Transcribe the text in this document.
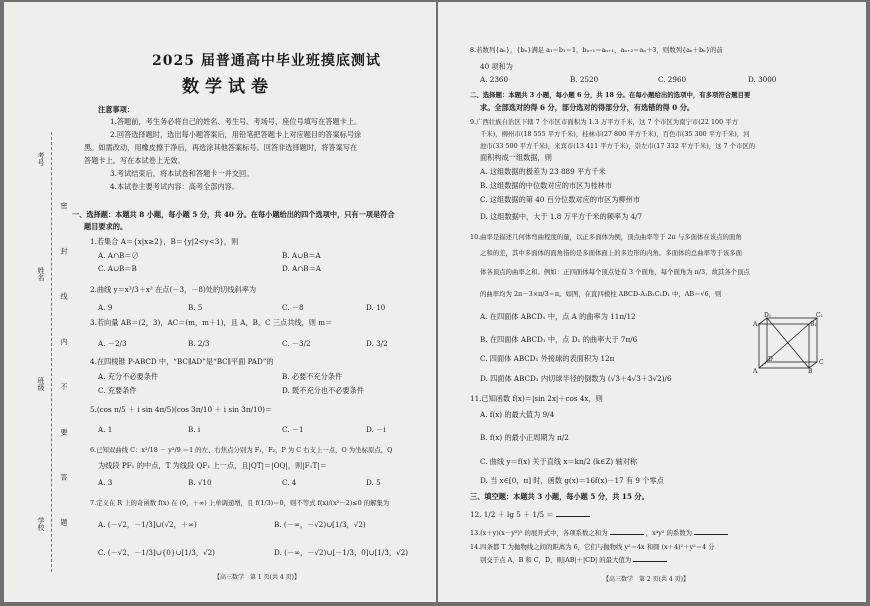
考号
姓名
班级
学校 密 封 线 内 不 要 答 题
2025 届普通高中毕业班摸底测试
数学试卷
注意事项：
1.答题前，考生务必将自己的姓名、考生号、考场号、座位号填写在答题卡上。
2.回答选择题时，选出每小题答案后，用铅笔把答题卡上对应题目的答案标号涂
黑。如需改动，用橡皮擦干净后，再选涂其他答案标号。回答非选择题时，将答案写在
答题卡上。写在本试卷上无效。
3.考试结束后，将本试卷和答题卡一并交回。
4.本试卷主要考试内容：高考全部内容。
一、选择题：本题共 8 小题，每小题 5 分，共 40 分。在每小题给出的四个选项中，只有一项是符合
题目要求的。
1.若集合 A＝{x|x≥2}，B＝{y|2<y<3}，则
A. A∩B＝∅	B. A∪B＝A
C. A∪B＝B	D. A∩B＝A
2.曲线 y＝x³/3＋x² 在点(－3，－8)处的切线斜率为
A. 9	B. 5	C. －8	D. 10
3.若向量 AB＝(2，3)，AC＝(m，m＋1)，且 A，B，C 三点共线，则 m＝
A. －2/3	B. 2/3	C. －3/2	D. 3/2
4.在四棱锥 P-ABCD 中，“BC∥AD”是“BC∥平面 PAD”的
A. 充分不必要条件	B. 必要不充分条件
C. 充要条件	D. 既不充分也不必要条件
5.(cos π/5 ＋ i sin 4π/5)(cos 3π/10 ＋ i sin 3π/10)＝
A. 1	B. i	C. －1	D. －i
6.已知双曲线 C：x²/18 － y²/9 ＝1 的左、右焦点分别为 F₁，F₂，P 为 C 右支上一点，O 为坐标原点，Q
为线段 PF₁ 的中点，T 为线段 QF₁ 上一点，且|QT|＝|OQ|，则|F₁T|＝
A. 3	B. √10	C. 4	D. 5
7.定义在 R 上的奇函数 f(x) 在 (0，＋∞) 上单调递增，且 f(1/3)＝0，则不等式 f(x)/(x²－2)≤0 的解集为
A. (－√2，－1/3]∪(√2，＋∞)	B. (－∞，－√2)∪[1/3，√2)
C. (－√2，－1/3]∪{0}∪[1/3，√2)	D. (－∞，－√2)∪[－1/3，0]∪[1/3，√2)
【高三数学　第 1 页(共 4 页)】
8.若数列{aₙ}，{bₙ}满足 a₁＝b₁＝1，bₙ₊₁＝aₙ₊₁，aₙ₊₂＝aₙ＋3，则数列{aₙ＋bₙ}的前
40 项和为
A. 2360	B. 2520	C. 2960	D. 3000
二、选择题：本题共 3 小题，每小题 6 分，共 18 分。在每小题给出的选项中，有多项符合题目要
求。全部选对的得 6 分，部分选对的得部分分，有选错的得 0 分。
9.广西壮族自治区下辖 7 个市区市面积为 1.3 万平方千米，这 7 个市区为南宁市(22 100 平方
千米)，柳州市(18 555 平方千米)，桂林市(27 800 平方千米)，百色市(35 300 平方千米)，河
池市(33 500 平方千米)，来宾市(13 411 平方千米)，崇左市(17 332 平方千米)，这 7 个市区的
面积构成一组数据，则
A. 这组数据的极差为 23 889 平方千米
B. 这组数据的中位数对应的市区为桂林市
C. 这组数据的第 40 百分位数对应的市区为柳州市
D. 这组数据中，大于 1.8 万平方千米的频率为 4/7
10.曲率是描述几何体弯曲程度的量，以正多面体为例，顶点曲率等于 2π 与多面体在该点的面角
之和的差，其中多面体的面角指的是多面体面上的多边形的内角。多面体的总曲率等于该多面
体各顶点的曲率之和。例如：正四面体每个顶点处有 3 个面角，每个面角为 π/3，故其各个顶点
的曲率均为 2π－3×π/3＝π。如图，在直四棱柱 ABCD-A₁B₁C₁D₁ 中，AB＝√6，则
A. 在四面体 ABCD₁ 中，点 A 的曲率为 11π/12
B. 在四面体 ABCD₁ 中，点 D₁ 的曲率大于 7π/6
C. 四面体 ABCD₁ 外接球的表面积为 12π
D. 四面体 ABCD₁ 内切球半径的倒数为 (√3＋4√3＋3√2)/6
D₁	C₁
A₁	B₁
D	C
A	B
11.已知函数 f(x)＝|sin 2x|＋cos 4x，则
A. f(x) 的最大值为 9/4
B. f(x) 的最小正周期为 π/2
C. 曲线 y＝f(x) 关于直线 x＝kπ/2 (k∈Z) 轴对称
D. 当 x∈[0，π] 时，函数 g(x)＝16f(x)－17 有 9 个零点
三、填空题：本题共 3 小题，每小题 5 分，共 15 分。
12. 1/2 ＋ lg 5 ＋ 1/5 ＝
13.(x＋y)(x－y²)⁵ 的展开式中，各项系数之和为	，x⁴y² 的系数为
14.四条都 T 为抛物线之间的距离为 6，它们与抛物线 y²＝4x 和圆 (x＋4)²＋y²＝4 分
别交于点 A，B 和 C，D，则|AB|＋|CD| 的最大值为
【高三数学　第 2 页(共 4 页)】
